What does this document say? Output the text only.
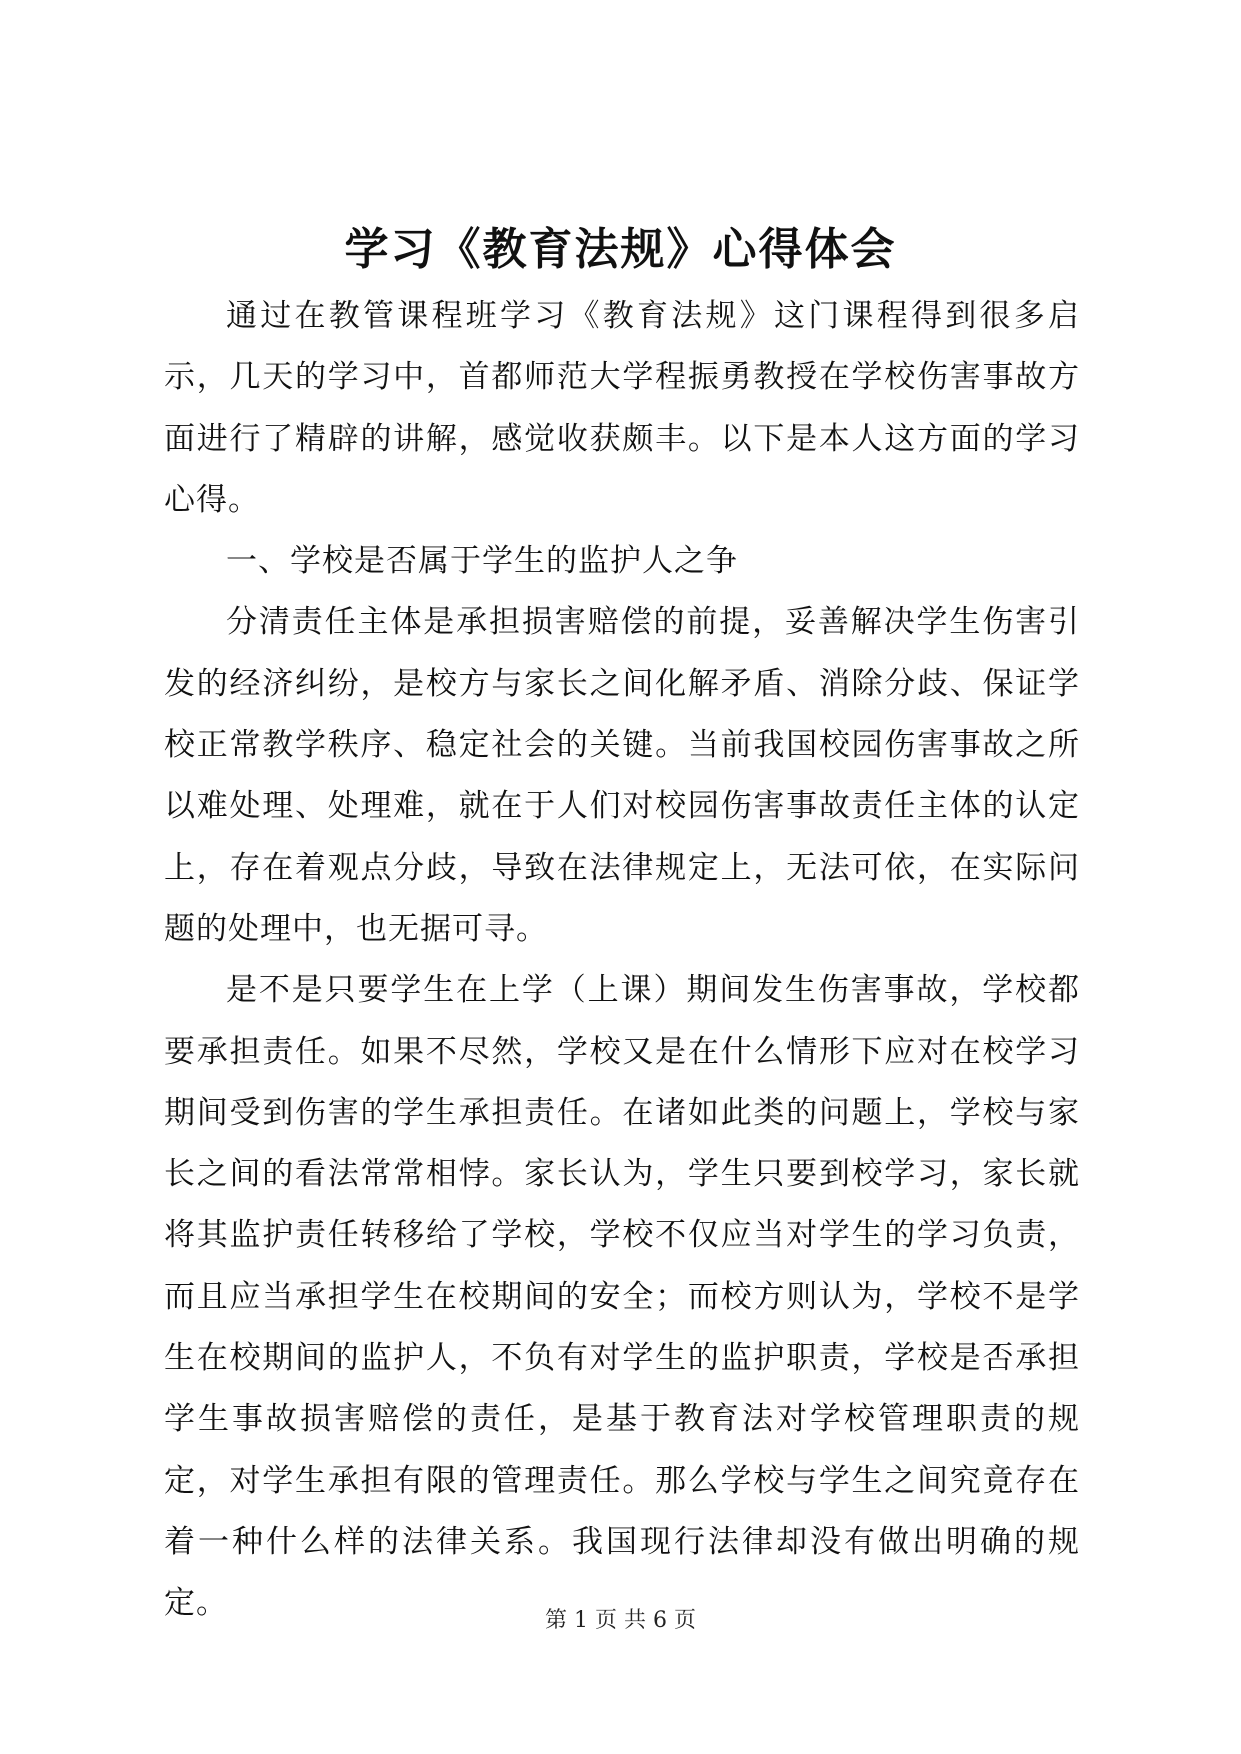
学习《教育法规》心得体会

通过在教管课程班学习《教育法规》这门课程得到很多启示，几天的学习中，首都师范大学程振勇教授在学校伤害事故方面进行了精辟的讲解，感觉收获颇丰。以下是本人这方面的学习心得。

一、学校是否属于学生的监护人之争

分清责任主体是承担损害赔偿的前提，妥善解决学生伤害引发的经济纠纷，是校方与家长之间化解矛盾、消除分歧、保证学校正常教学秩序、稳定社会的关键。当前我国校园伤害事故之所以难处理、处理难，就在于人们对校园伤害事故责任主体的认定上，存在着观点分歧，导致在法律规定上，无法可依，在实际问题的处理中，也无据可寻。

是不是只要学生在上学（上课）期间发生伤害事故，学校都要承担责任。如果不尽然，学校又是在什么情形下应对在校学习期间受到伤害的学生承担责任。在诸如此类的问题上，学校与家长之间的看法常常相悖。家长认为，学生只要到校学习，家长就将其监护责任转移给了学校，学校不仅应当对学生的学习负责，而且应当承担学生在校期间的安全；而校方则认为，学校不是学生在校期间的监护人，不负有对学生的监护职责，学校是否承担学生事故损害赔偿的责任，是基于教育法对学校管理职责的规定，对学生承担有限的管理责任。那么学校与学生之间究竟存在着一种什么样的法律关系。我国现行法律却没有做出明确的规定。	第 1 页 共 6 页
